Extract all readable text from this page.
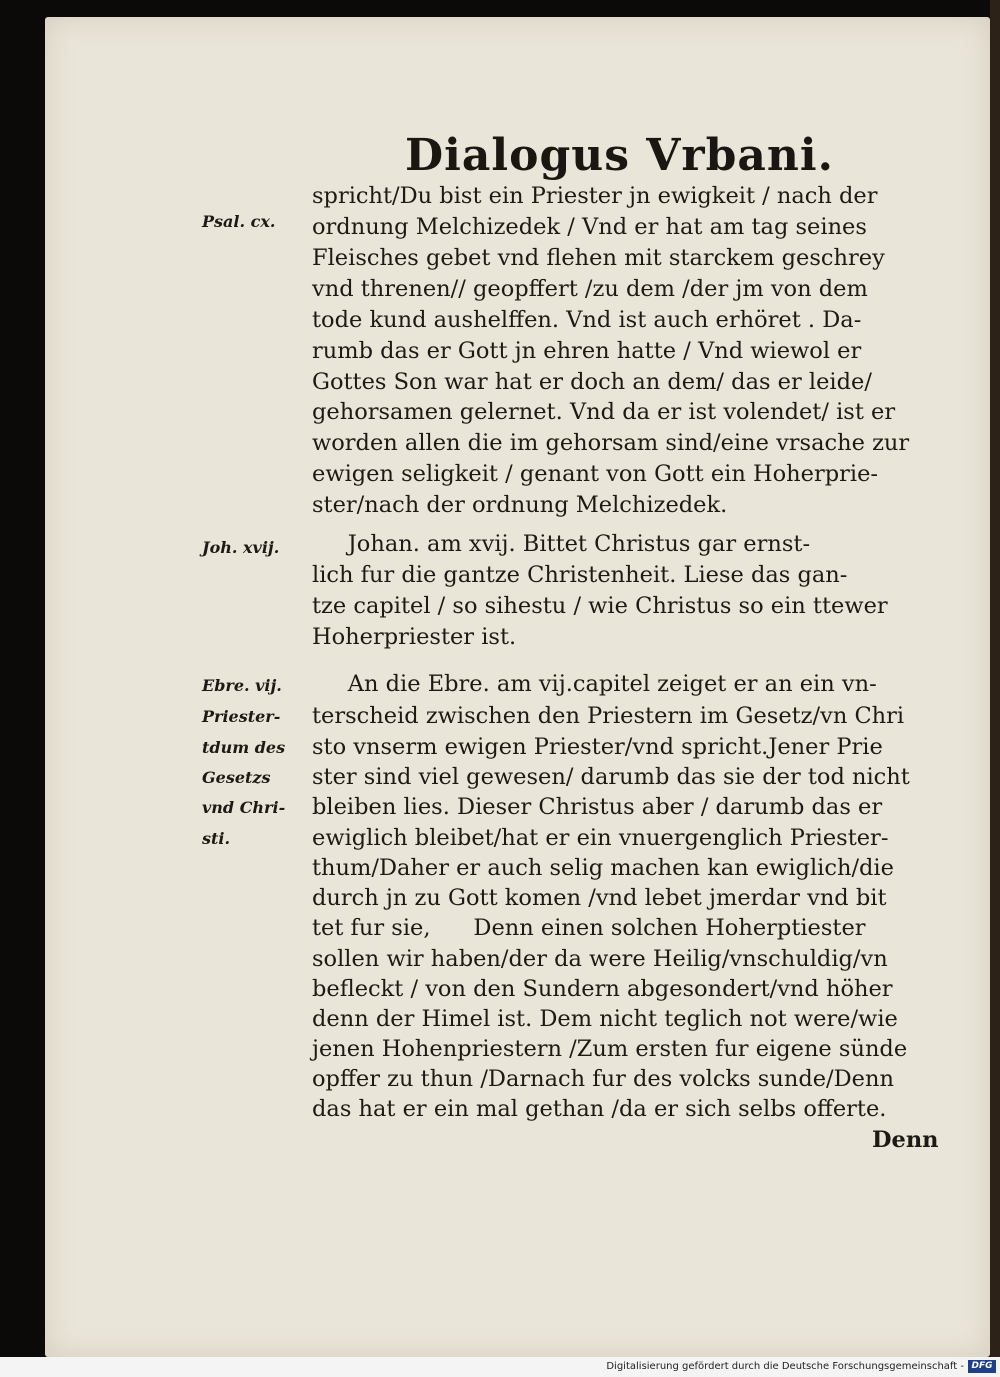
Dialogus Vrbani.
spricht/Du bist ein Priester jn ewigkeit / nach der
ordnung Melchizedek / Vnd er hat am tag seines
Fleisches gebet vnd flehen mit starckem geschrey
vnd threnen// geopffert /zu dem /der jm von dem
tode kund aushelffen. Vnd ist auch erhöret . Da-
rumb das er Gott jn ehren hatte / Vnd wiewol er
Gottes Son war hat er doch an dem/ das er leide/
gehorsamen gelernet. Vnd da er ist volendet/ ist er
worden allen die im gehorsam sind/eine vrsache zur
ewigen seligkeit / genant von Gott ein Hoherprie-
ster/nach der ordnung Melchizedek.
Johan. am xvij. Bittet Christus gar ernst-
lich fur die gantze Christenheit. Liese das gan-
tze capitel / so sihestu / wie Christus so ein ttewer
Hoherpriester ist.
An die Ebre. am vij.capitel zeiget er an ein vn-
terscheid zwischen den Priestern im Gesetz/vn Chri
sto vnserm ewigen Priester/vnd spricht.Jener Prie
ster sind viel gewesen/ darumb das sie der tod nicht
bleiben lies. Dieser Christus aber / darumb das er
ewiglich bleibet/hat er ein vnuergenglich Priester-
thum/Daher er auch selig machen kan ewiglich/die
durch jn zu Gott komen /vnd lebet jmerdar vnd bit
tet fur sie,      Denn einen solchen Hoherptiester
sollen wir haben/der da were Heilig/vnschuldig/vn
befleckt / von den Sundern abgesondert/vnd höher
denn der Himel ist. Dem nicht teglich not were/wie
jenen Hohenpriestern /Zum ersten fur eigene sünde
opffer zu thun /Darnach fur des volcks sunde/Denn
das hat er ein mal gethan /da er sich selbs offerte.
Denn
Psal. cx.
Joh. xvij.
Ebre. vij.
Priester-
tdum des
Gesetzs
vnd Chri-
sti.
Digitalisierung gefördert durch die Deutsche Forschungsgemeinschaft - DFG
